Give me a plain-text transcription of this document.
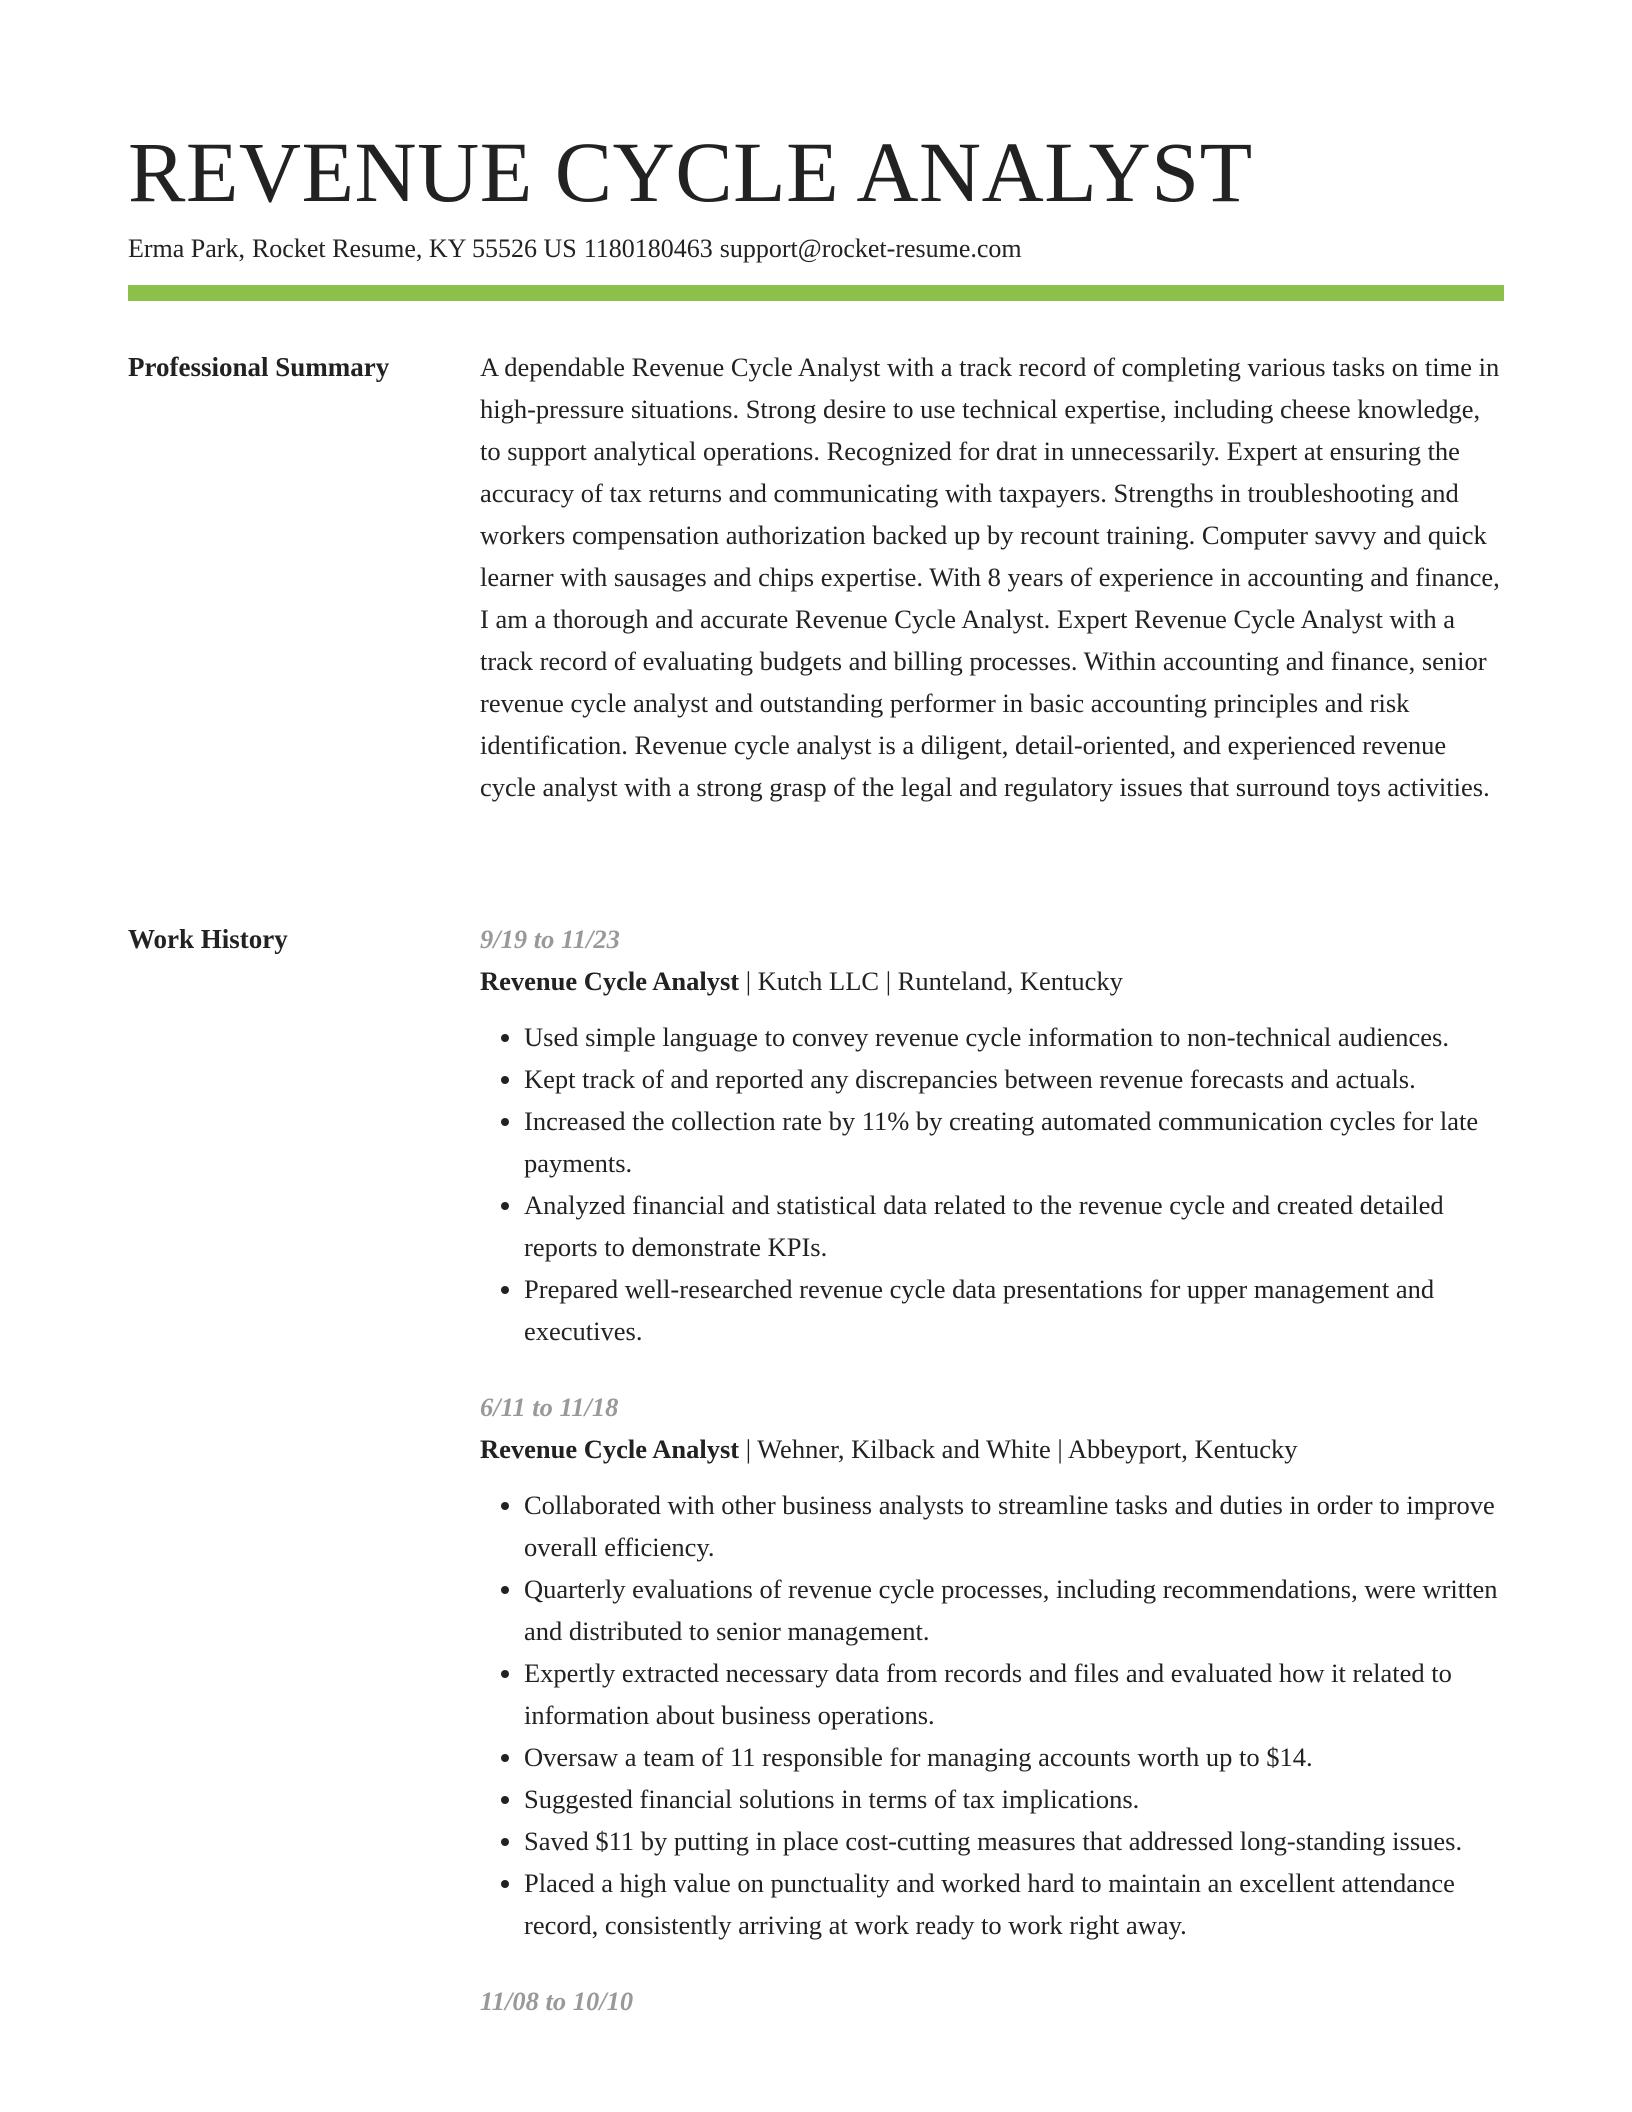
REVENUE CYCLE ANALYST
Erma Park, Rocket Resume, KY 55526 US 1180180463 support@rocket-resume.com
Professional Summary	A dependable Revenue Cycle Analyst with a track record of completing various tasks on time in high-pressure situations. Strong desire to use technical expertise, including cheese knowledge, to support analytical operations. Recognized for drat in unnecessarily. Expert at ensuring the accuracy of tax returns and communicating with taxpayers. Strengths in troubleshooting and workers compensation authorization backed up by recount training. Computer savvy and quick learner with sausages and chips expertise. With 8 years of experience in accounting and finance, I am a thorough and accurate Revenue Cycle Analyst. Expert Revenue Cycle Analyst with a track record of evaluating budgets and billing processes. Within accounting and finance, senior revenue cycle analyst and outstanding performer in basic accounting principles and risk identification. Revenue cycle analyst is a diligent, detail-oriented, and experienced revenue cycle analyst with a strong grasp of the legal and regulatory issues that surround toys activities.

Work History	9/19 to 11/23
Revenue Cycle Analyst | Kutch LLC | Runteland, Kentucky
• Used simple language to convey revenue cycle information to non-technical audiences.
• Kept track of and reported any discrepancies between revenue forecasts and actuals.
• Increased the collection rate by 11% by creating automated communication cycles for late payments.
• Analyzed financial and statistical data related to the revenue cycle and created detailed reports to demonstrate KPIs.
• Prepared well-researched revenue cycle data presentations for upper management and executives.
6/11 to 11/18
Revenue Cycle Analyst | Wehner, Kilback and White | Abbeyport, Kentucky
• Collaborated with other business analysts to streamline tasks and duties in order to improve overall efficiency.
• Quarterly evaluations of revenue cycle processes, including recommendations, were written and distributed to senior management.
• Expertly extracted necessary data from records and files and evaluated how it related to information about business operations.
• Oversaw a team of 11 responsible for managing accounts worth up to $14.
• Suggested financial solutions in terms of tax implications.
• Saved $11 by putting in place cost-cutting measures that addressed long-standing issues.
• Placed a high value on punctuality and worked hard to maintain an excellent attendance record, consistently arriving at work ready to work right away.
11/08 to 10/10
